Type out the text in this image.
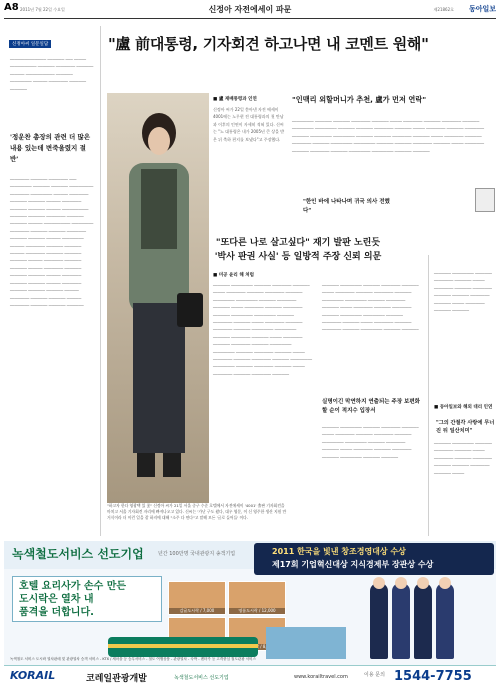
A8 2011년 7월 22일 수요일	신정아 자전에세이 파문	제21862호 동아일보
신정아씨 일문일답
─────────────── ─────── ─── ───── ─────────── ─────── ──────── ─────── ────── ──────────── ─────── ───────── ────── ──────── ─────── ───────
'정운찬 총장의 관련 더 많은 내용 있는데 변죽울렸지 절반'
──────── ─────── ──────── ─── ───────── ─────── ─────── ────────── ──────── ───────── ────── ──────── ─────── ─────── ────── ──────── ─────── ─────── ────── ─────────── ─────── ─────── ──────── ─────── ─────── ────── ─────────── ───────── ──────── ─────── ─────── ──────── ─────── ─────── ────── ───────── ────── ──────── ─────── ─────── ────── ──────── ─────── ─────── ─────── ────── ──────── ─────── ─────── ────── ──────── ─────── ─────── ─────── ────── ──────── ─────── ─────── ────── ──────── ─────── ─────── ─────── ────── ──────── ─────── ─────── ────── ──────── ─────── ─────── ───────
"盧 前대통령, 기자회견 하고나면 내 코멘트 원해"
"하고자 한다 영광택 있 꽃" 신정아 씨가 21일 서울 중구 수준 호텔에서 자전에세이 '4001' 출판 기자회견을 마치고 서울 기자회견 자리에 빠져나오고 있다. 신씨는 '가난 구도 왔다, 대우 영문, 이 신 영주한 생산 지원 만 거식이라 더 이런 일을 잘 하지에 대해 "소주 다 연다"고 말해 모든 '글로 들어들' 이다.
"인맥리 외할머니가 추천, 盧가 먼저 연락"
■ 盧 재배통령과 인연
신정아 씨가 22일 쏟아낸 자전 에세이 4001에는 노무현 전 대통령과의 첫 만남과 이후의 인연이 자세히 적혀 있다. 신씨는 "노 대통령은 내가 2005년 큰 상을 받은 뒤 축하 편지를 보냈다"고 주장했다.
───────── ─────── ─────── ──────── ─────── ───── ──────── ─────── ──────── ─────── ───────── ───────── ─────── ─────── ──────── ─────── ───── ──────── ─────── ──────── ─────── ───────── ───────── ─────── ─────── ──────── ─────── ───── ──────── ─────── ──────── ─────── ───────── ───────── ─────── ─────── ──────── ─────── ───── ──────── ─────── ──────── ─────── ───────── ───────── ─────── ───────
"한인 바에 나타나며 귀국 의사 전했다"
"또다른 나로 살고싶다" 재기 발판 노린듯
'박사 판권 사실' 등 일방적 주장 신뢰 의문
■ 미공 윤리 해 처럼
─────── ───────── ─────── ──────── ─────── ───── ──────── ─────── ──────── ─────── ───────── ───────── ─────── ──────── ─────── ───── ──────── ─────── ──────── ─────── ───────── ───────── ─────── ──────── ─────── ───── ──────── ─────── ──────── ─────── ───────── ───────── ─────── ──────── ─────── ───── ──────── ─────── ──────── ─────── ───────── ───────── ─────── ──────── ─────── ───── ──────── ─────── ──────── ─────── ───────── ───────── ─────── ──────── ─────── ───── ──────── ─────── ──────── ───────
─────── ───────── ─────── ──────── ─────── ───── ──────── ─────── ──────── ─────── ───────── ───────── ─────── ──────── ─────── ───── ──────── ─────── ──────── ─────── ───────── ───────── ─────── ──────── ─────── ───── ──────── ─────── ──────── ─────── ───────── ─────── ───────
실명이긴 막연하지 연출되는 주장 보편화할 순이 적지수 입장서
─────── ───────── ─────── ──────── ─────── ───── ──────── ─────── ──────── ─────── ───────── ───────── ─────── ──────── ─────── ───── ──────── ─────── ──────── ─────── ───────── ─────── ───────
■ 동아일보와 해외 대리 인연
"그의 간절각 사랑에 무너진 뒤 일산치미"
─────── ───────── ─────── ──────── ─────── ───── ──────── ─────── ──────── ─────── ─────── ──────── ─────── ───── ──────── ─────── ───────
─────── ───────── ─────── ──────── ─────── ───── ──────── ─────── ──────── ─────── ─────── ──────── ─────── ─────
녹색철도서비스 선도기업	년간 100만명 국내관광지 송객기업	2011 한국을 빛낸 창조경영대상 수상
제17회 기업혁신대상 지식경제부 장관상 수상
호텔 요리사가 손수 만든
도시락은 열차 내
품격을 더합니다.	감귤도시락 / 7,000	명품도시락 / 12,000
/
녹색철도 서비스 도시락 열차판매 및 관광열차 승객 서비스 - KTX / 새마을 등 승무서비스 - 철도 여행상품 - 관광열차 - 숙박 - 렌터카 등 고객중심 철도관광 서비스
KORAIL	코레일관광개발	녹색철도서비스 선도기업	www.korailtravel.com	이용 문의 1544-7755
